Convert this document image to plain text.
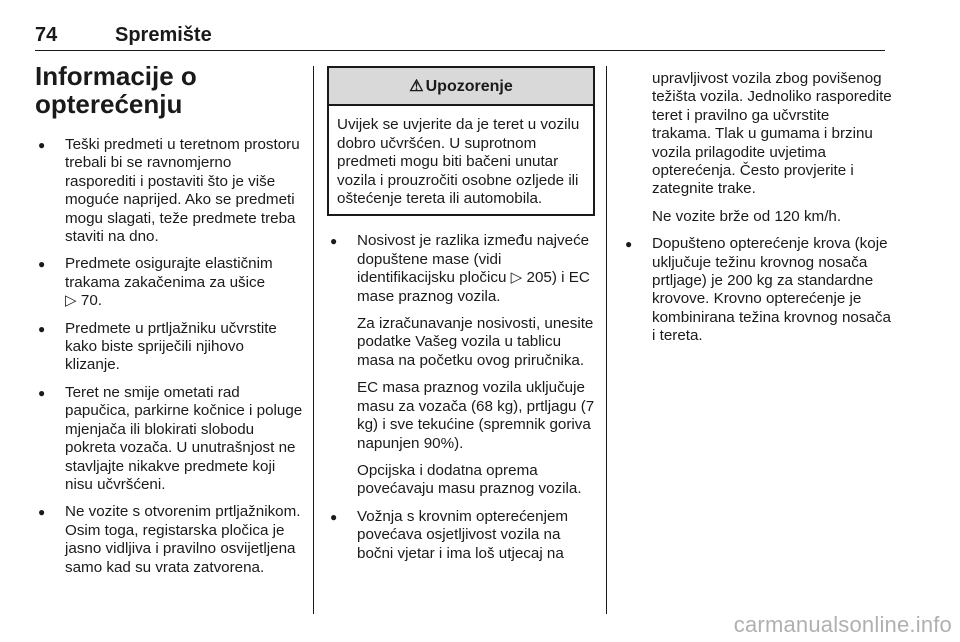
74	Spremište
Informacije o
opterećenju
● Teški predmeti u teretnom prostoru trebali bi se ravnomjerno rasporediti i postaviti što je više moguće naprijed. Ako se predmeti mogu slagati, teže predmete treba staviti na dno.
● Predmete osigurajte elastičnim trakama zakačenima za ušice
▷ 70.
● Predmete u prtljažniku učvrstite kako biste spriječili njihovo klizanje.
● Teret ne smije ometati rad papučica, parkirne kočnice i poluge mjenjača ili blokirati slobodu pokreta vozača. U unutrašnjost ne stavljajte nikakve predmete koji nisu učvršćeni.
● Ne vozite s otvorenim prtljažnikom. Osim toga, registarska pločica je jasno vidljiva i pravilno osvijetljena samo kad su vrata zatvorena.
⚠ Upozorenje
Uvijek se uvjerite da je teret u vozilu dobro učvršćen. U suprotnom predmeti mogu biti bačeni unutar vozila i prouzročiti osobne ozljede ili oštećenje tereta ili automobila.
● Nosivost je razlika između najveće dopuštene mase (vidi identifikacijsku pločicu ▷ 205) i EC mase praznog vozila.

Za izračunavanje nosivosti, unesite podatke Vašeg vozila u tablicu masa na početku ovog priručnika.

EC masa praznog vozila uključuje masu za vozača (68 kg), prtljagu (7 kg) i sve tekućine (spremnik goriva napunjen 90%).

Opcijska i dodatna oprema povećavaju masu praznog vozila.

● Vožnja s krovnim opterećenjem povećava osjetljivost vozila na bočni vjetar i ima loš utjecaj na

upravljivost vozila zbog povišenog težišta vozila. Jednoliko rasporedite teret i pravilno ga učvrstite trakama. Tlak u gumama i brzinu vozila prilagodite uvjetima opterećenja. Često provjerite i zategnite trake.

Ne vozite brže od 120 km/h.

● Dopušteno opterećenje krova (koje uključuje težinu krovnog nosača prtljage) je 200 kg za standardne krovove. Krovno opterećenje je kombinirana težina krovnog nosača i tereta.
carmanualsonline.info
